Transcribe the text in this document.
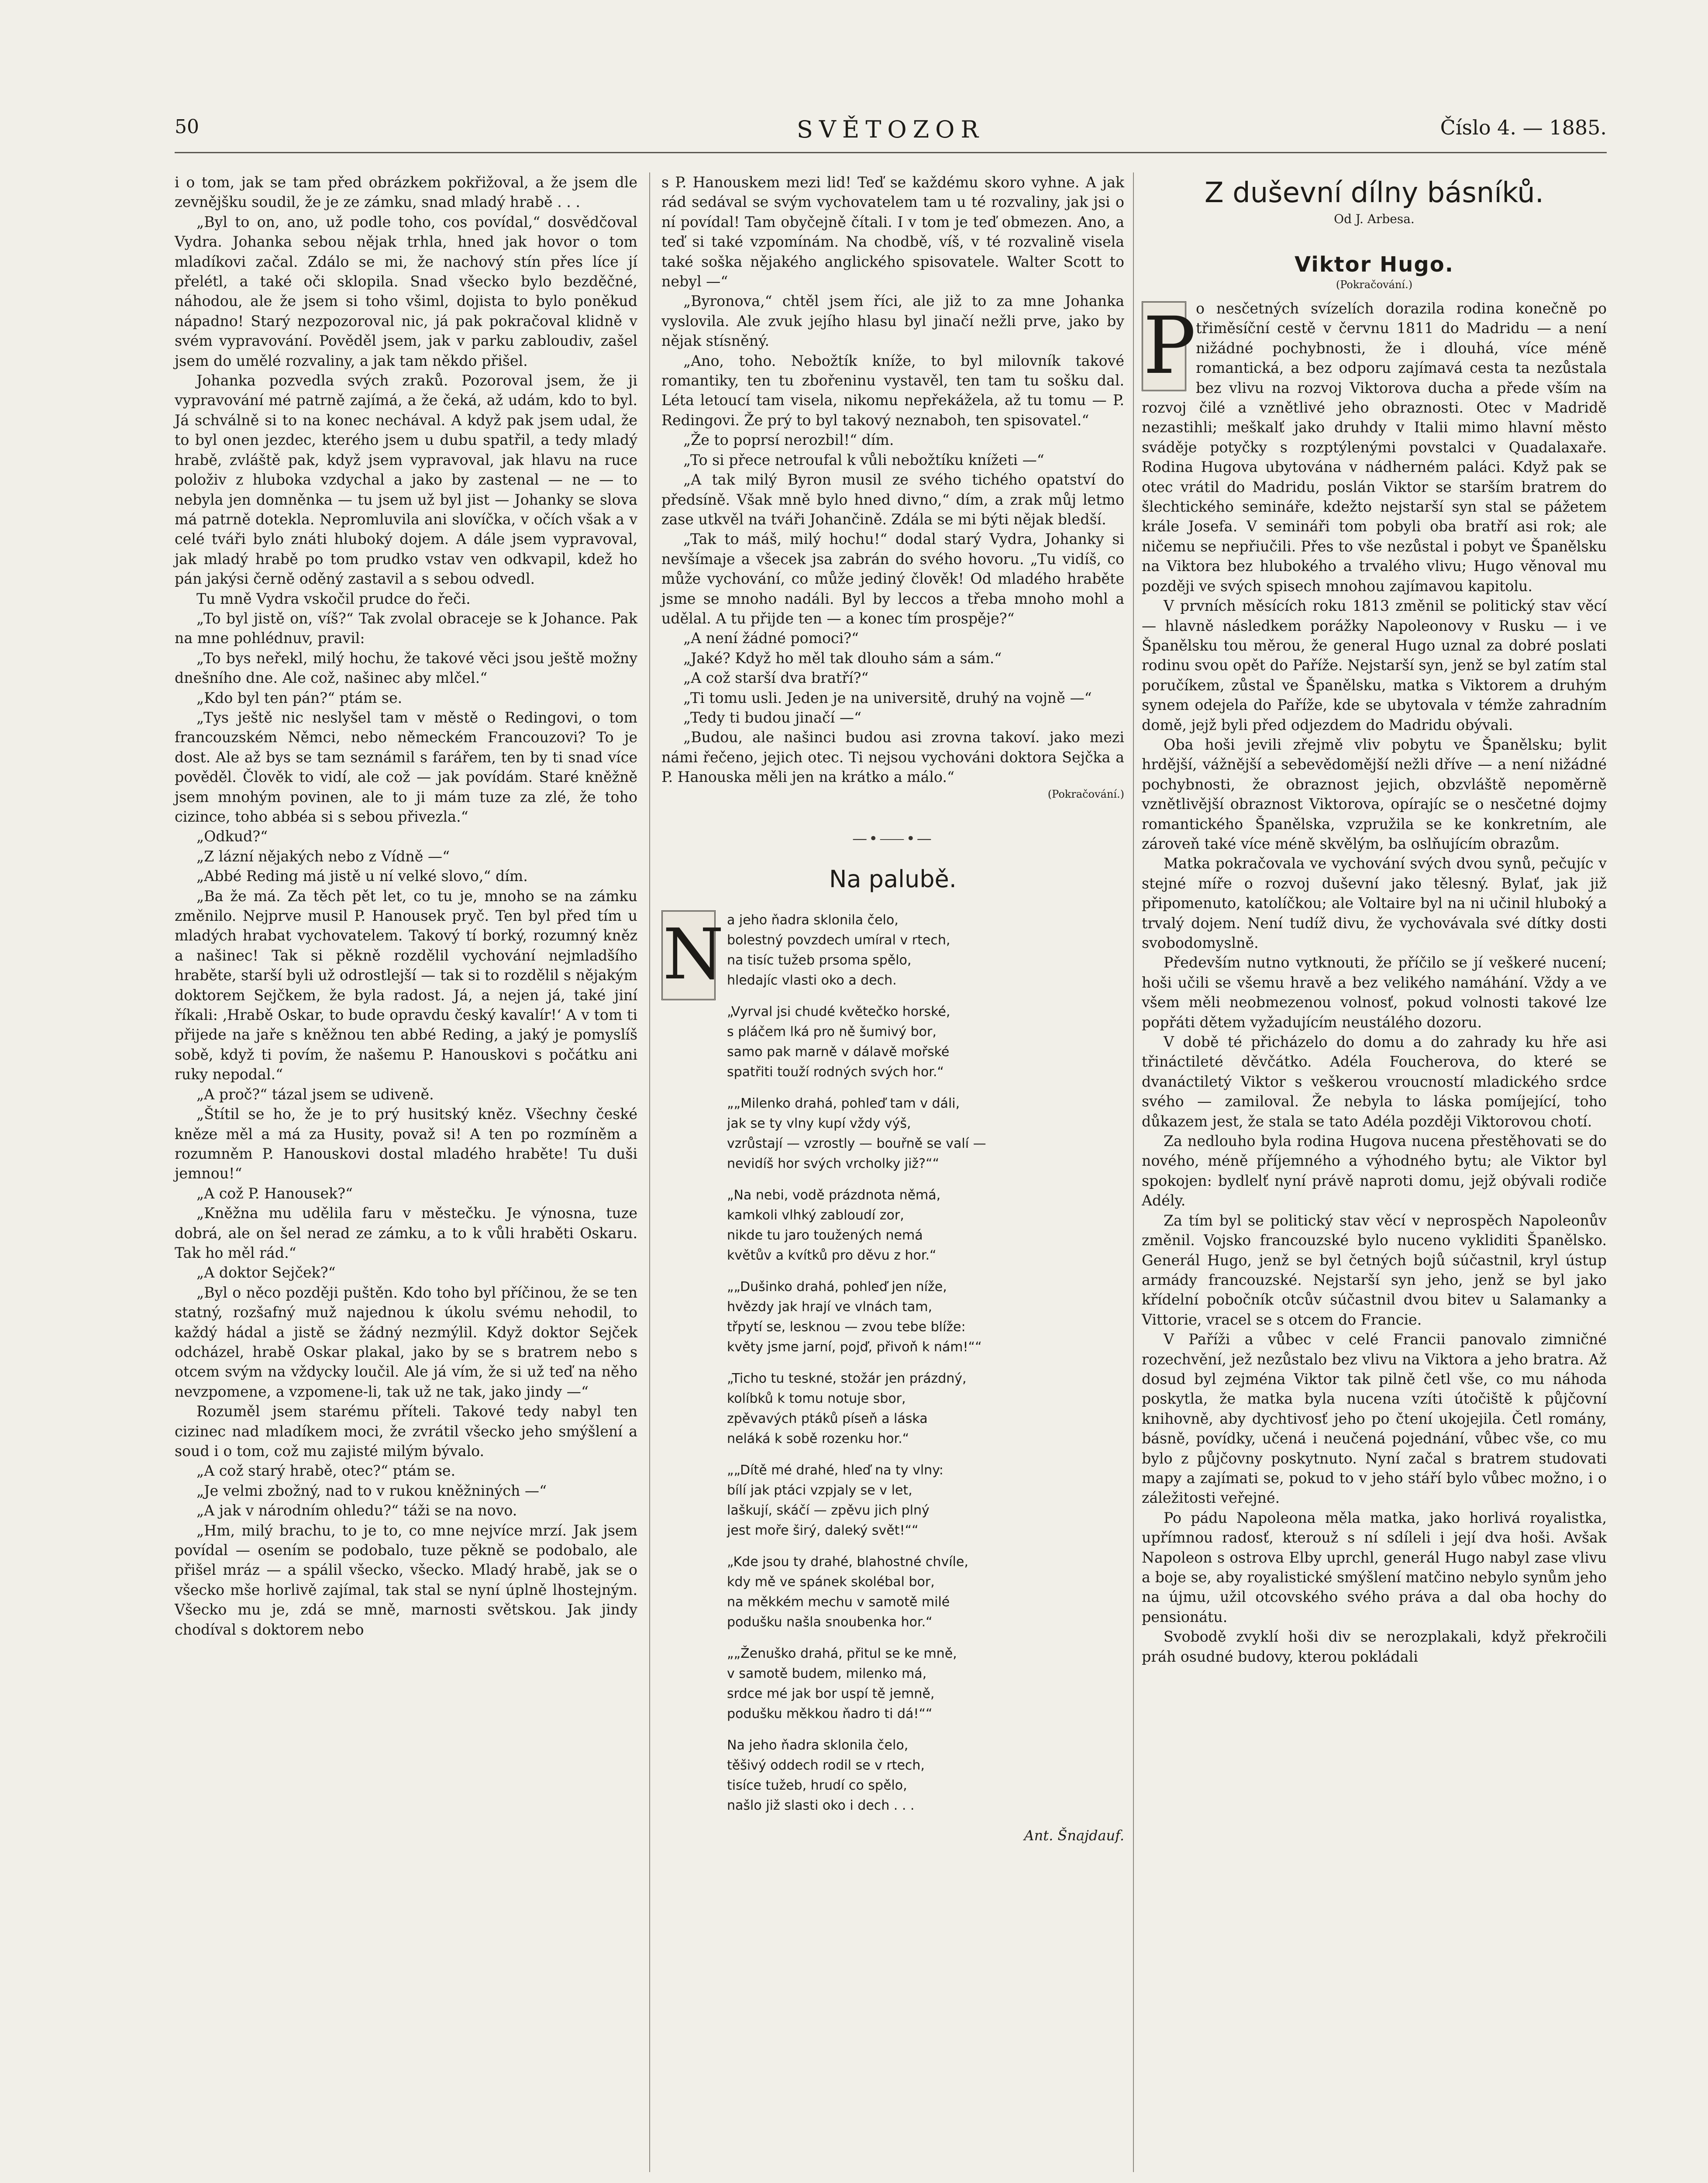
50	SVĚTOZOR	Číslo 4. — 1885.

i o tom, jak se tam před obrázkem pokřižoval, a že jsem dle zevnějšku soudil, že je ze zámku, snad mladý hrabě . . .

„Byl to on, ano, už podle toho, cos povídal,“ dosvědčoval Vydra. Johanka sebou nějak trhla, hned jak hovor o tom mladíkovi začal. Zdálo se mi, že nachový stín přes líce jí přelétl, a také oči sklopila. Snad všecko bylo bezděčné, náhodou, ale že jsem si toho všiml, dojista to bylo poněkud nápadno! Starý nezpozoroval nic, já pak pokračoval klidně v svém vypravování. Pověděl jsem, jak v parku zabloudiv, zašel jsem do umělé rozvaliny, a jak tam někdo přišel.

Johanka pozvedla svých zraků. Pozoroval jsem, že ji vypravování mé patrně zajímá, a že čeká, až udám, kdo to byl. Já schválně si to na konec nechával. A když pak jsem udal, že to byl onen jezdec, kterého jsem u dubu spatřil, a tedy mladý hrabě, zvláště pak, když jsem vypravoval, jak hlavu na ruce položiv z hluboka vzdychal a jako by zastenal — ne — to nebyla jen domněnka — tu jsem už byl jist — Johanky se slova má patrně dotekla. Nepromluvila ani slovíčka, v očích však a v celé tváři bylo znáti hluboký dojem. A dále jsem vypravoval, jak mladý hrabě po tom prudko vstav ven odkvapil, kdež ho pán jakýsi černě oděný zastavil a s sebou odvedl.

Tu mně Vydra vskočil prudce do řeči.

„To byl jistě on, víš?“ Tak zvolal obraceje se k Johance. Pak na mne pohlédnuv, pravil:

„To bys neřekl, milý hochu, že takové věci jsou ještě možny dnešního dne. Ale což, našinec aby mlčel.“

„Kdo byl ten pán?“ ptám se.

„Tys ještě nic neslyšel tam v městě o Redingovi, o tom francouzském Němci, nebo německém Francouzovi? To je dost. Ale až bys se tam seznámil s farářem, ten by ti snad více pověděl. Člověk to vidí, ale což — jak povídám. Staré kněžně jsem mnohým povinen, ale to ji mám tuze za zlé, že toho cizince, toho abbéa si s sebou přivezla.“

„Odkud?“

„Z lázní nějakých nebo z Vídně —“

„Abbé Reding má jistě u ní velké slovo,“ dím.

„Ba že má. Za těch pět let, co tu je, mnoho se na zámku změnilo. Nejprve musil P. Hanousek pryč. Ten byl před tím u mladých hrabat vychovatelem. Takový tí borký, rozumný kněz a našinec! Tak si pěkně rozdělil vychování nejmladšího hraběte, starší byli už odrostlejší — tak si to rozdělil s nějakým doktorem Sejčkem, že byla radost. Já, a nejen já, také jiní říkali: ‚Hrabě Oskar, to bude opravdu český kavalír!‘ A v tom ti přijede na jaře s kněžnou ten abbé Reding, a jaký je pomyslíš sobě, když ti povím, že našemu P. Hanouskovi s počátku ani ruky nepodal.“

„A proč?“ tázal jsem se udiveně.

„Štítil se ho, že je to prý husitský kněz. Všechny české kněze měl a má za Husity, považ si! A ten po rozmíněm a rozumněm P. Hanouskovi dostal mladého hraběte! Tu duši jemnou!“

„A což P. Hanousek?“

„Kněžna mu udělila faru v městečku. Je výnosna, tuze dobrá, ale on šel nerad ze zámku, a to k vůli hraběti Oskaru. Tak ho měl rád.“

„A doktor Sejček?“

„Byl o něco později puštěn. Kdo toho byl příčinou, že se ten statný, rozšafný muž najednou k úkolu svému nehodil, to každý hádal a jistě se žádný nezmýlil. Když doktor Sejček odcházel, hrabě Oskar plakal, jako by se s bratrem nebo s otcem svým na vždycky loučil. Ale já vím, že si už teď na něho nevzpomene, a vzpomene-li, tak už ne tak, jako jindy —“

Rozuměl jsem starému příteli. Takové tedy nabyl ten cizinec nad mladíkem moci, že zvrátil všecko jeho smýšlení a soud i o tom, což mu zajisté milým bývalo.

„A což starý hrabě, otec?“ ptám se.

„Je velmi zbožný, nad to v rukou kněžniných —“

„A jak v národním ohledu?“ táži se na novo.

„Hm, milý brachu, to je to, co mne nejvíce mrzí. Jak jsem povídal — osením se podobalo, tuze pěkně se podobalo, ale přišel mráz — a spálil všecko, všecko. Mladý hrabě, jak se o všecko mše horlivě zajímal, tak stal se nyní úplně lhostejným. Všecko mu je, zdá se mně, marnosti světskou. Jak jindy chodíval s doktorem nebo

s P. Hanouskem mezi lid! Teď se každému skoro vyhne. A jak rád sedával se svým vychovatelem tam u té rozvaliny, jak jsi o ní povídal! Tam obyčejně čítali. I v tom je teď obmezen. Ano, a teď si také vzpomínám. Na chodbě, víš, v té rozvalině visela také soška nějakého anglického spisovatele. Walter Scott to nebyl —“

„Byronova,“ chtěl jsem říci, ale již to za mne Johanka vyslovila. Ale zvuk jejího hlasu byl jinačí nežli prve, jako by nějak stísněný.

„Ano, toho. Nebožtík kníže, to byl milovník takové romantiky, ten tu zbořeninu vystavěl, ten tam tu sošku dal. Léta letoucí tam visela, nikomu nepřekážela, až tu tomu — P. Redingovi. Že prý to byl takový neznaboh, ten spisovatel.“

„Že to poprsí nerozbil!“ dím.

„To si přece netroufal k vůli nebožtíku knížeti —“

„A tak milý Byron musil ze svého tichého opatství do předsíně. Však mně bylo hned divno,“ dím, a zrak můj letmo zase utkvěl na tváři Johančině. Zdála se mi býti nějak bledší.

„Tak to máš, milý hochu!“ dodal starý Vydra, Johanky si nevšímaje a všecek jsa zabrán do svého hovoru. „Tu vidíš, co může vychování, co může jediný člověk! Od mladého hraběte jsme se mnoho nadáli. Byl by leccos a třeba mnoho mohl a udělal. A tu přijde ten — a konec tím prospěje?“

„A není žádné pomoci?“

„Jaké? Když ho měl tak dlouho sám a sám.“

„A což starší dva bratří?“

„Ti tomu usli. Jeden je na universitě, druhý na vojně —“

„Tedy ti budou jinačí —“

„Budou, ale našinci budou asi zrovna takoví. jako mezi námi řečeno, jejich otec. Ti nejsou vychováni doktora Sejčka a P. Hanouska měli jen na krátko a málo.“

(Pokračování.)
—•⸺•—
Na palubě.
N a jeho ňadra sklonila čelo,
bolestný povzdech umíral v rtech,
na tisíc tužeb prsoma spělo,
hledajíc vlasti oko a dech.
„Vyrval jsi chudé květečko horské,
s pláčem lká pro ně šumivý bor,
samo pak marně v dálavě mořské
spatřiti touží rodných svých hor.“
„„Milenko drahá, pohleď tam v dáli,
jak se ty vlny kupí vždy výš,
vzrůstají — vzrostly — bouřně se valí —
nevidíš hor svých vrcholky již?““
„Na nebi, vodě prázdnota němá,
kamkoli vlhký zabloudí zor,
nikde tu jaro toužených nemá
květův a kvítků pro děvu z hor.“
„„Dušinko drahá, pohleď jen níže,
hvězdy jak hrají ve vlnách tam,
třpytí se, lesknou — zvou tebe blíže:
květy jsme jarní, pojď, přivoň k nám!““
„Ticho tu teskné, stožár jen prázdný,
kolíbků k tomu notuje sbor,
zpěvavých ptáků píseň a láska
neláká k sobě rozenku hor.“
„„Dítě mé drahé, hleď na ty vlny:
bílí jak ptáci vzpjaly se v let,
laškují, skáčí — zpěvu jich plný
jest moře širý, daleký svět!““
„Kde jsou ty drahé, blahostné chvíle,
kdy mě ve spánek skolébal bor,
na měkkém mechu v samotě milé
podušku našla snoubenka hor.“
„„Ženuško drahá, přitul se ke mně,
v samotě budem, milenko má,
srdce mé jak bor uspí tě jemně,
podušku měkkou ňadro ti dá!““
Na jeho ňadra sklonila čelo,
těšivý oddech rodil se v rtech,
tisíce tužeb, hrudí co spělo,
našlo již slasti oko i dech . . .
Ant. Šnajdauf.
Z duševní dílny básníků.
Od J. Arbesa.
Viktor Hugo.
(Pokračování.)

P o nesčetných svízelích dorazila rodina konečně po třiměsíční cestě v červnu 1811 do Madridu — a není nižádné pochybnosti, že i dlouhá, více méně romantická, a bez odporu zajímavá cesta ta nezůstala bez vlivu na rozvoj Viktorova ducha a přede vším na rozvoj čilé a vznětlivé jeho obraznosti. Otec v Madridě nezastihli; meškalť jako druhdy v Italii mimo hlavní město sváděje potyčky s rozptýlenými povstalci v Quadalaxaře. Rodina Hugova ubytována v nádherném paláci. Když pak se otec vrátil do Madridu, poslán Viktor se starším bratrem do šlechtického semináře, kdežto nejstarší syn stal se pážetem krále Josefa. V semináři tom pobyli oba bratří asi rok; ale ničemu se nepřiučili. Přes to vše nezůstal i pobyt ve Španělsku na Viktora bez hlubokého a trvalého vlivu; Hugo věnoval mu později ve svých spisech mnohou zajímavou kapitolu.

V prvních měsících roku 1813 změnil se politický stav věcí — hlavně následkem porážky Napoleonovy v Rusku — i ve Španělsku tou měrou, že general Hugo uznal za dobré poslati rodinu svou opět do Paříže. Nejstarší syn, jenž se byl zatím stal poručíkem, zůstal ve Španělsku, matka s Viktorem a druhým synem odejela do Paříže, kde se ubytovala v témže zahradním domě, jejž byli před odjezdem do Madridu obývali.

Oba hoši jevili zřejmě vliv pobytu ve Španělsku; bylit hrdější, vážnější a sebevědomější nežli dříve — a není nižádné pochybnosti, že obraznost jejich, obzvláště nepoměrně vznětlivější obraznost Viktorova, opírajíc se o nesčetné dojmy romantického Španělska, vzpružila se ke konkretním, ale zároveň také více méně skvělým, ba oslňujícím obrazům.

Matka pokračovala ve vychování svých dvou synů, pečujíc v stejné míře o rozvoj duševní jako tělesný. Bylať, jak již připomenuto, katolíčkou; ale Voltaire byl na ni učinil hluboký a trvalý dojem. Není tudíž divu, že vychovávala své dítky dosti svobodomyslně.

Především nutno vytknouti, že příčilo se jí veškeré nucení; hoši učili se všemu hravě a bez velikého namáhání. Vždy a ve všem měli neobmezenou volnosť, pokud volnosti takové lze popřáti dětem vyžadujícím neustálého dozoru.

V době té přicházelo do domu a do zahrady ku hře asi třináctileté děvčátko. Adéla Foucherova, do které se dvanáctiletý Viktor s veškerou vroucností mladického srdce svého — zamiloval. Že nebyla to láska pomíjející, toho důkazem jest, že stala se tato Adéla později Viktorovou chotí.

Za nedlouho byla rodina Hugova nucena přestěhovati se do nového, méně příjemného a výhodného bytu; ale Viktor byl spokojen: bydlelť nyní právě naproti domu, jejž obývali rodiče Adély.

Za tím byl se politický stav věcí v neprospěch Napoleonův změnil. Vojsko francouzské bylo nuceno vykliditi Španělsko. Generál Hugo, jenž se byl četných bojů súčastnil, kryl ústup armády francouzské. Nejstarší syn jeho, jenž se byl jako křídelní pobočník otcův súčastnil dvou bitev u Salamanky a Vittorie, vracel se s otcem do Francie.

V Paříži a vůbec v celé Francii panovalo zimničné rozechvění, jež nezůstalo bez vlivu na Viktora a jeho bratra. Až dosud byl zejména Viktor tak pilně četl vše, co mu náhoda poskytla, že matka byla nucena vzíti útočiště k půjčovní knihovně, aby dychtivosť jeho po čtení ukojejila. Četl romány, básně, povídky, učená i neučená pojednání, vůbec vše, co mu bylo z půjčovny poskytnuto. Nyní začal s bratrem studovati mapy a zajímati se, pokud to v jeho stáří bylo vůbec možno, i o záležitosti veřejné.

Po pádu Napoleona měla matka, jako horlivá royalistka, upřímnou radosť, kterouž s ní sdíleli i její dva hoši. Avšak Napoleon s ostrova Elby uprchl, generál Hugo nabyl zase vlivu a boje se, aby royalistické smýšlení matčino nebylo synům jeho na újmu, užil otcovského svého práva a dal oba hochy do pensionátu.

Svobodě zvyklí hoši div se nerozplakali, když překročili práh osudné budovy, kterou pokládali
